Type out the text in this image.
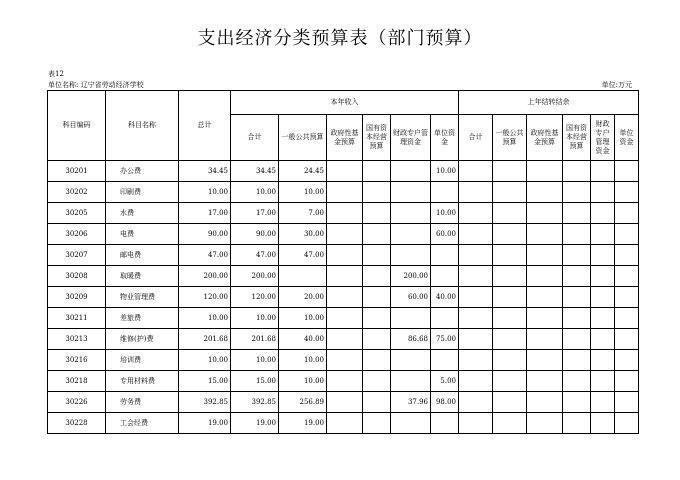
支出经济分类预算表（部门预算）
表12
单位名称: 辽宁省劳动经济学校	单位:万元
科目编码	科目名称	总计	本年收入						上年结转结余					
			合计	一般公共预算	政府性基金预算	国有资本经营预算	财政专户管理资金	单位资金	合计	一般公共预算	政府性基金预算	国有资本经营预算	财政专户管理资金	单位资金

30201	办公费	34.45	34.45	24.45				10.00						
30202	印刷费	10.00	10.00	10.00										
30205	水费	17.00	17.00	7.00				10.00						
30206	电费	90.00	90.00	30.00				60.00						
30207	邮电费	47.00	47.00	47.00										
30208	取暖费	200.00	200.00				200.00							
30209	物业管理费	120.00	120.00	20.00			60.00	40.00						
30211	差旅费	10.00	10.00	10.00										
30213	维修(护)费	201.68	201.68	40.00			86.68	75.00						
30216	培训费	10.00	10.00	10.00										
30218	专用材料费	15.00	15.00	10.00				5.00						
30226	劳务费	392.85	392.85	256.89			37.96	98.00						
30228	工会经费	19.00	19.00	19.00										
